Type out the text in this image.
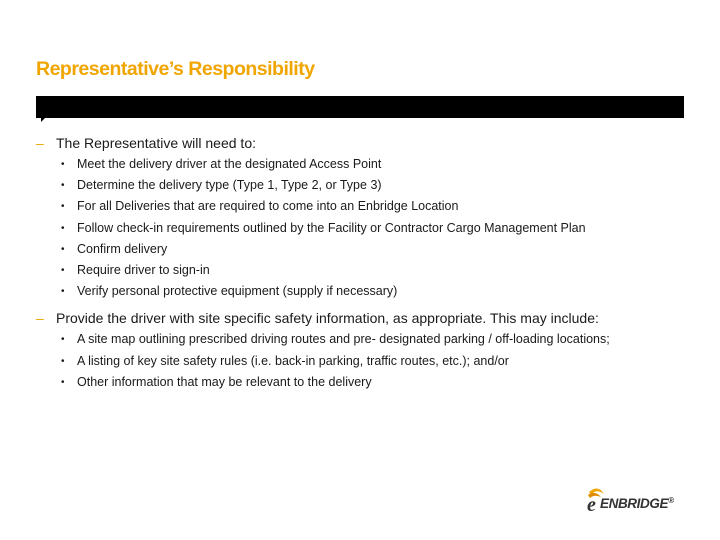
Representative’s Responsibility
– The Representative will need to:
• Meet the delivery driver at the designated Access Point
• Determine the delivery type (Type 1, Type 2, or Type 3)
• For all Deliveries that are required to come into an Enbridge Location
• Follow check-in requirements outlined by the Facility or Contractor Cargo Management Plan
• Confirm delivery
• Require driver to sign-in
• Verify personal protective equipment (supply if necessary)
– Provide the driver with site specific safety information, as appropriate. This may include:
• A site map outlining prescribed driving routes and pre- designated parking / off-loading locations;
• A listing of key site safety rules (i.e. back-in parking, traffic routes, etc.); and/or
• Other information that may be relevant to the delivery
e ENBRIDGE®
